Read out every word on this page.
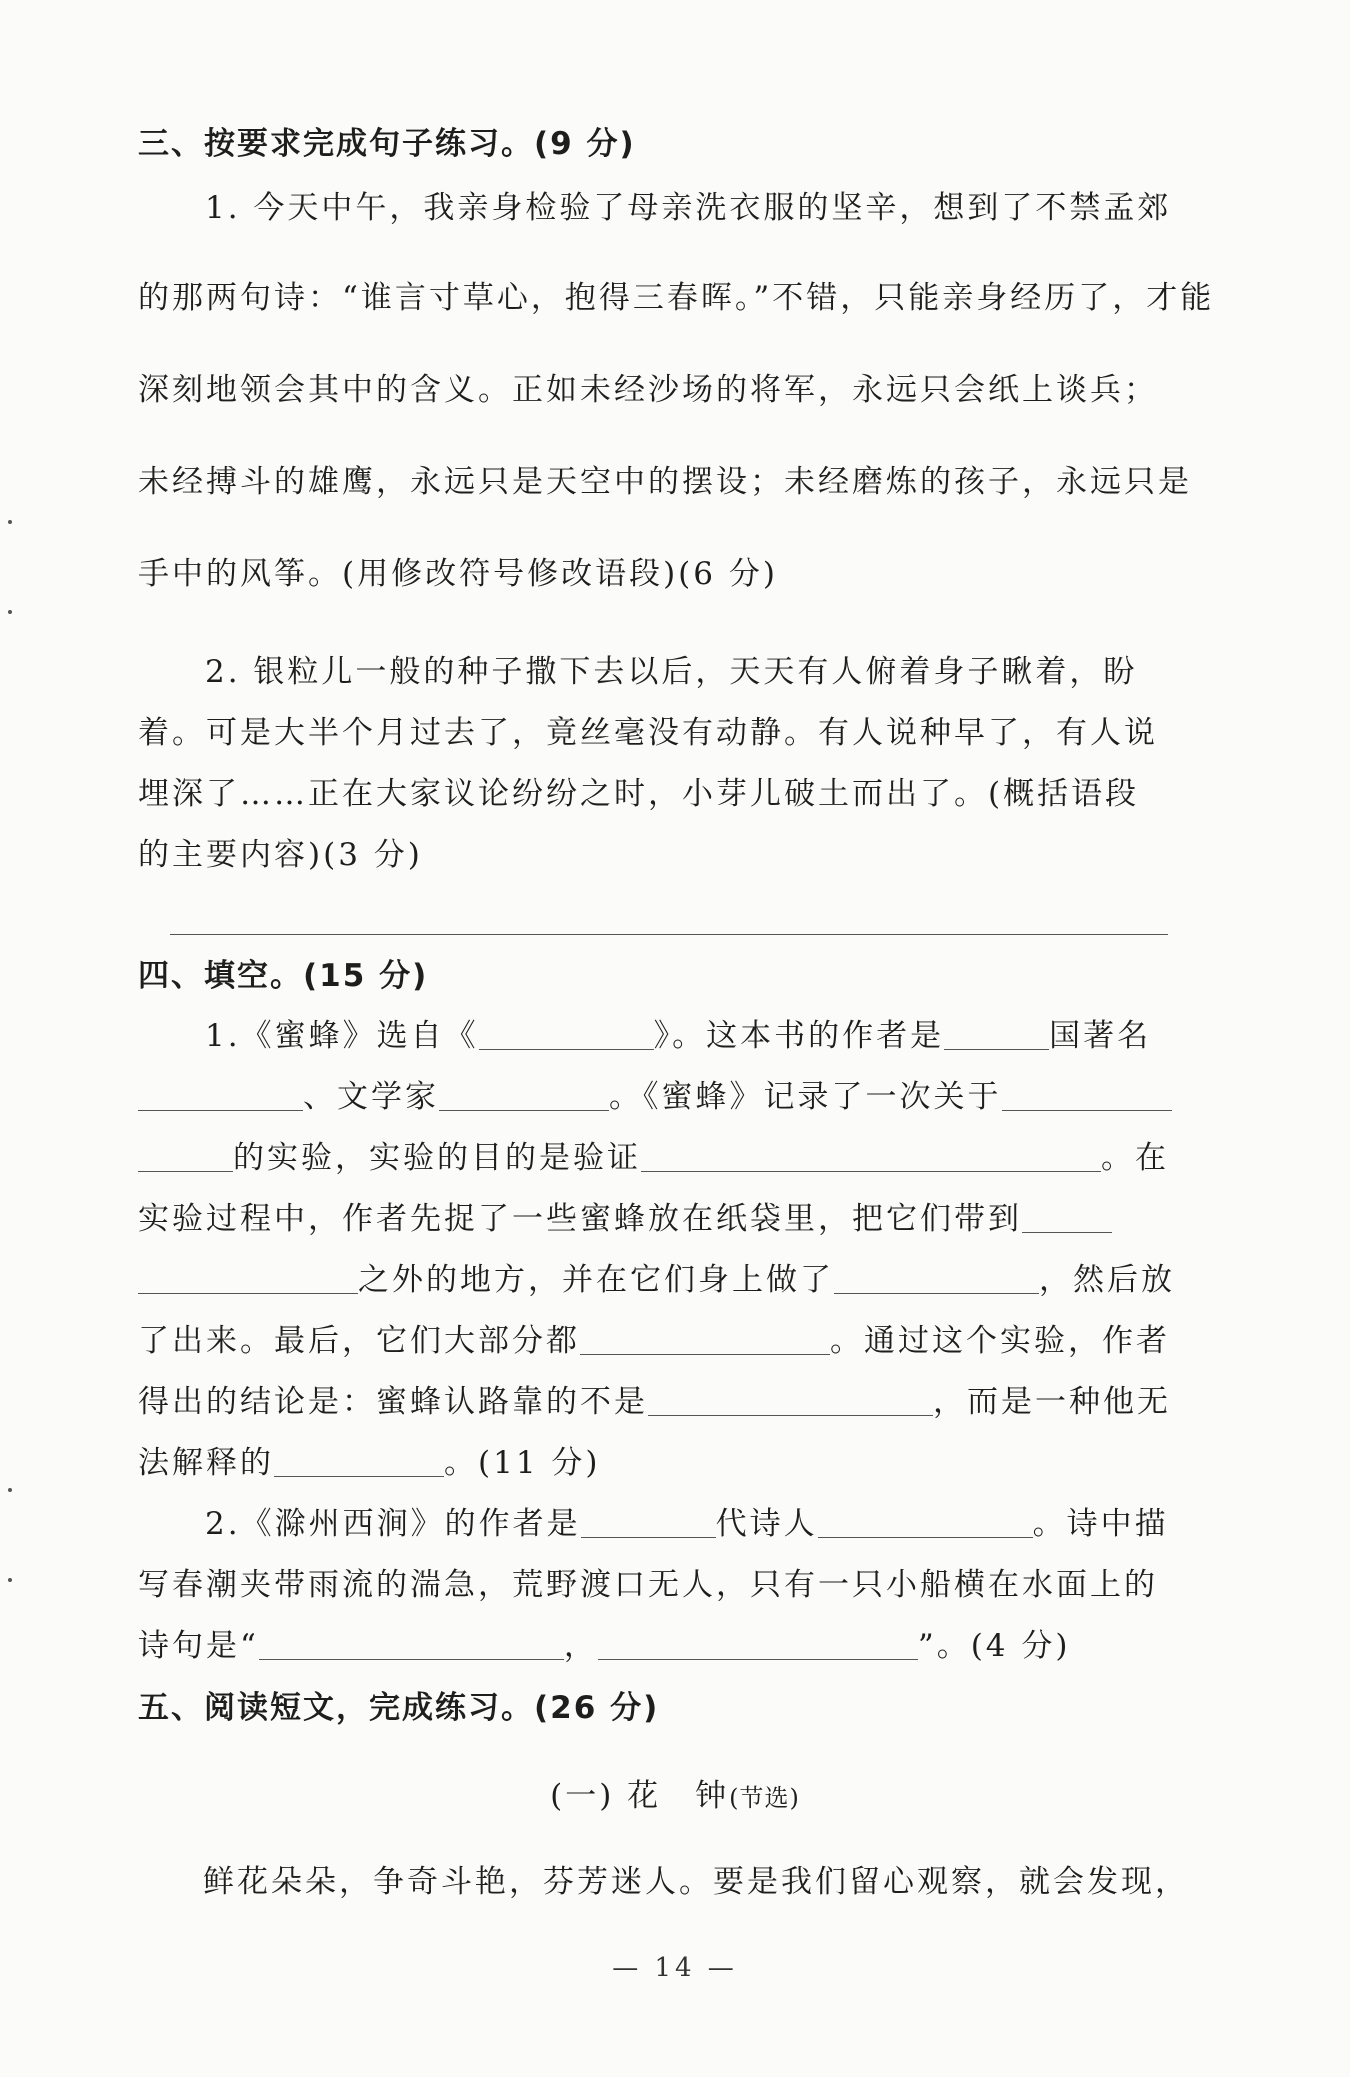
三、按要求完成句子练习。(9 分)
1. 今天中午，我亲身检验了母亲洗衣服的坚辛，想到了不禁孟郊
的那两句诗：“谁言寸草心，抱得三春晖。”不错，只能亲身经历了，才能
深刻地领会其中的含义。正如未经沙场的将军，永远只会纸上谈兵；
未经搏斗的雄鹰，永远只是天空中的摆设；未经磨炼的孩子，永远只是
手中的风筝。(用修改符号修改语段)(6 分)
2. 银粒儿一般的种子撒下去以后，天天有人俯着身子瞅着，盼
着。可是大半个月过去了，竟丝毫没有动静。有人说种早了，有人说
埋深了……正在大家议论纷纷之时，小芽儿破土而出了。(概括语段
的主要内容)(3 分)
四、填空。(15 分)
1.《蜜蜂》选自《	》。这本书的作者是	国著名
、文学家	。《蜜蜂》记录了一次关于
的实验，实验的目的是验证	。在
实验过程中，作者先捉了一些蜜蜂放在纸袋里，把它们带到
之外的地方，并在它们身上做了	，然后放
了出来。最后，它们大部分都	。通过这个实验，作者
得出的结论是：蜜蜂认路靠的不是	，而是一种他无
法解释的	。(11 分)
2.《滁州西涧》的作者是	代诗人	。诗中描
写春潮夹带雨流的湍急，荒野渡口无人，只有一只小船横在水面上的
诗句是“	，	”。(4 分)
五、阅读短文，完成练习。(26 分)
(一) 花　钟(节选)
鲜花朵朵，争奇斗艳，芬芳迷人。要是我们留心观察，就会发现，
— 14 —
